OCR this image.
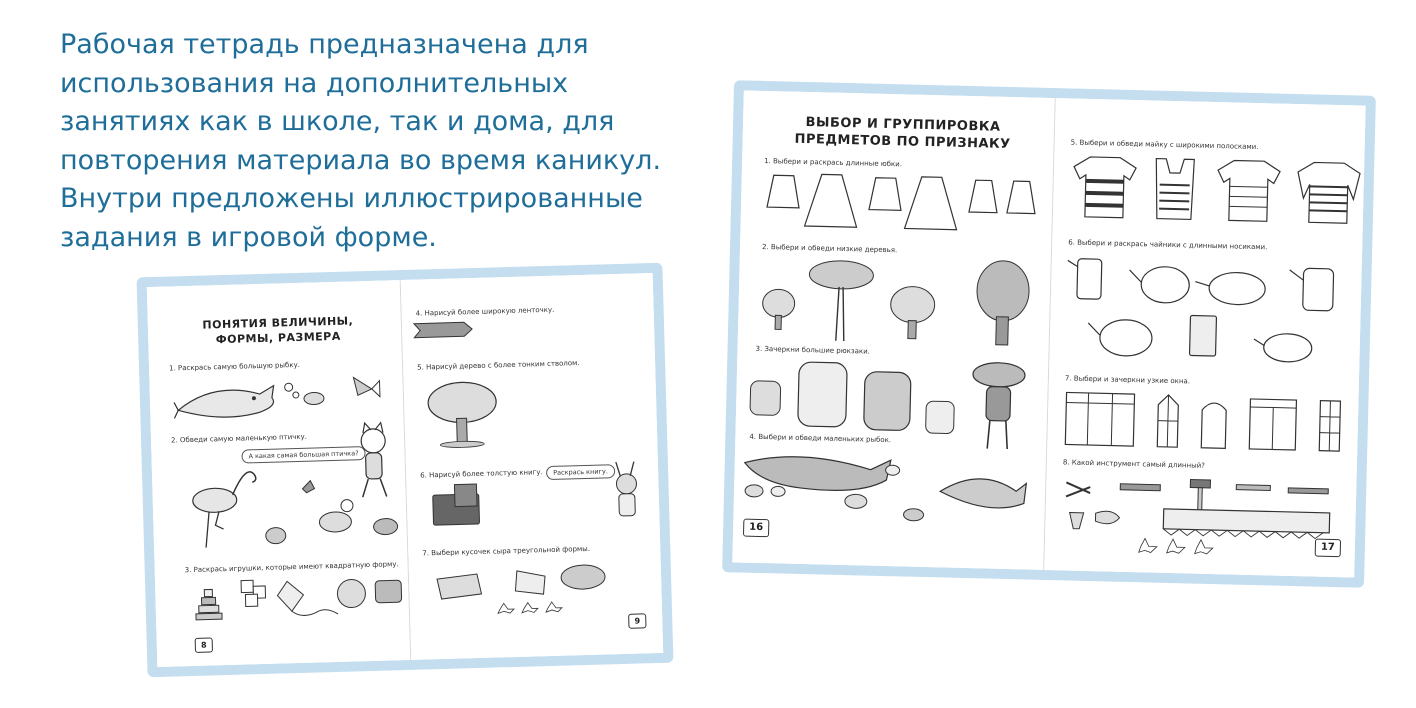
Рабочая тетрадь предназначена для
использования на дополнительных
занятиях как в школе, так и дома, для
повторения материала во время каникул.
Внутри предложены иллюстрированные
задания в игровой форме.
ПОНЯТИЯ ВЕЛИЧИНЫ,
ФОРМЫ, РАЗМЕРА
1. Раскрась самую большую рыбку.
2. Обведи самую маленькую птичку.
А какая самая большая птичка?
3. Раскрась игрушки, которые имеют квадратную форму.
8
4. Нарисуй более широкую ленточку.
5. Нарисуй дерево с более тонким стволом.
6. Нарисуй более толстую книгу.	Раскрась книгу.
7. Выбери кусочек сыра треугольной формы.
9
ВЫБОР И ГРУППИРОВКА
ПРЕДМЕТОВ ПО ПРИЗНАКУ
1. Выбери и раскрась длинные юбки.
2. Выбери и обведи низкие деревья.
3. Зачеркни большие рюкзаки.
4. Выбери и обведи маленьких рыбок.
16
5. Выбери и обведи майку с широкими полосками.
6. Выбери и раскрась чайники с длинными носиками.
7. Выбери и зачеркни узкие окна.
8. Какой инструмент самый длинный?
17
